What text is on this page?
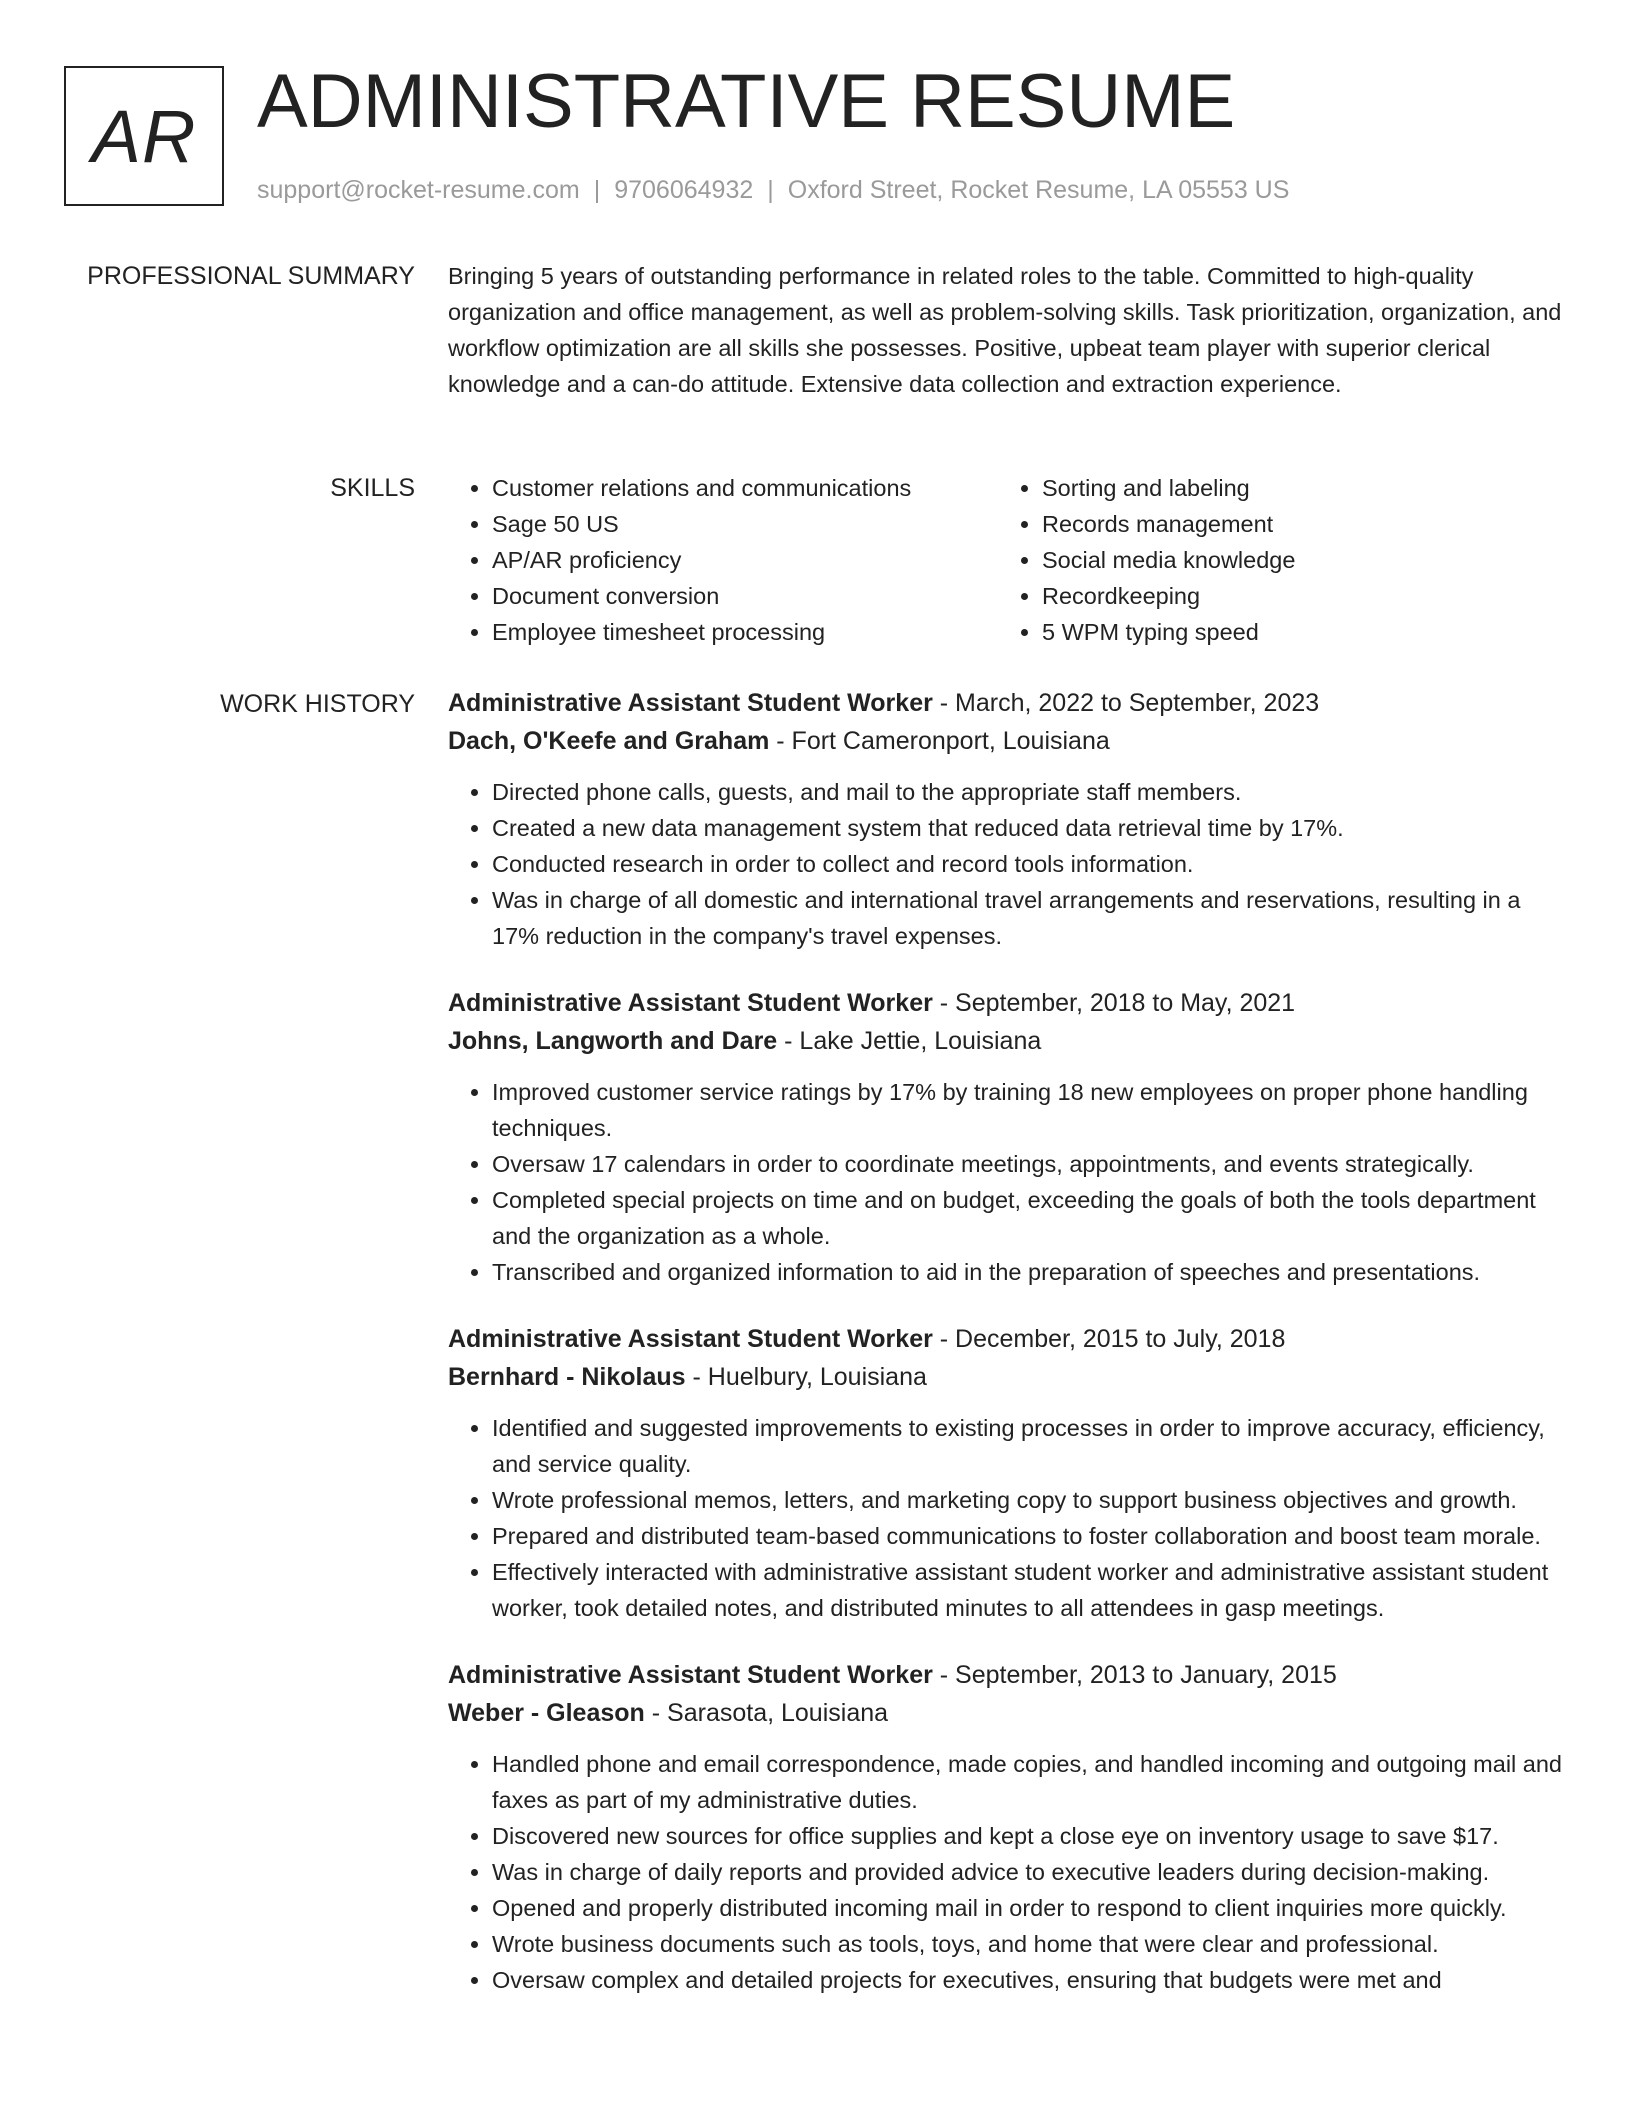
AR ADMINISTRATIVE RESUME
support@rocket-resume.com | 9706064932 | Oxford Street, Rocket Resume, LA 05553 US
PROFESSIONAL SUMMARY Bringing 5 years of outstanding performance in related roles to the table. Committed to high-quality organization and office management, as well as problem-solving skills. Task prioritization, organization, and workflow optimization are all skills she possesses. Positive, upbeat team player with superior clerical knowledge and a can-do attitude. Extensive data collection and extraction experience.

SKILLS
•	Customer relations and communications
• Sage 50 US
• AP/AR proficiency
• Document conversion
• Employee timesheet processing
• Sorting and labeling
• Records management
• Social media knowledge
• Recordkeeping
• 5 WPM typing speed
WORK HISTORY Administrative Assistant Student Worker - March, 2022 to September, 2023
Dach, O'Keefe and Graham - Fort Cameronport, Louisiana
• Directed phone calls, guests, and mail to the appropriate staff members.
• Created a new data management system that reduced data retrieval time by 17%.
• Conducted research in order to collect and record tools information.
• Was in charge of all domestic and international travel arrangements and reservations, resulting in a 17% reduction in the company's travel expenses.
Administrative Assistant Student Worker - September, 2018 to May, 2021
Johns, Langworth and Dare - Lake Jettie, Louisiana
• Improved customer service ratings by 17% by training 18 new employees on proper phone handling techniques.
• Oversaw 17 calendars in order to coordinate meetings, appointments, and events strategically.
• Completed special projects on time and on budget, exceeding the goals of both the tools department and the organization as a whole.
• Transcribed and organized information to aid in the preparation of speeches and presentations.
Administrative Assistant Student Worker - December, 2015 to July, 2018
Bernhard - Nikolaus - Huelbury, Louisiana
• Identified and suggested improvements to existing processes in order to improve accuracy, efficiency, and service quality.
• Wrote professional memos, letters, and marketing copy to support business objectives and growth.
• Prepared and distributed team-based communications to foster collaboration and boost team morale.
• Effectively interacted with administrative assistant student worker and administrative assistant student worker, took detailed notes, and distributed minutes to all attendees in gasp meetings.
Administrative Assistant Student Worker - September, 2013 to January, 2015
Weber - Gleason - Sarasota, Louisiana
• Handled phone and email correspondence, made copies, and handled incoming and outgoing mail and faxes as part of my administrative duties.
• Discovered new sources for office supplies and kept a close eye on inventory usage to save $17.
• Was in charge of daily reports and provided advice to executive leaders during decision-making.
• Opened and properly distributed incoming mail in order to respond to client inquiries more quickly.
• Wrote business documents such as tools, toys, and home that were clear and professional.
• Oversaw complex and detailed projects for executives, ensuring that budgets were met and
